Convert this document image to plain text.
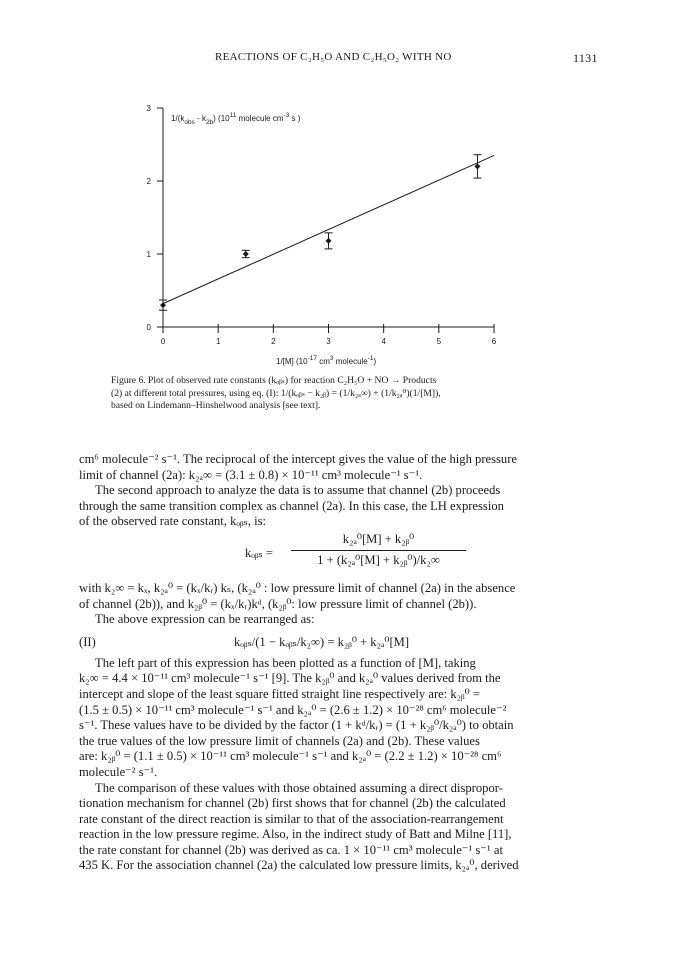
REACTIONS OF C₂H₅O AND C₂H₅O₂ WITH NO	1131
0	1	2	3	4	5	6
0
1
2
3
$1/(k_{obs} - k_{2b})$ ($10^{11}$ molecule $cm^{-3}$ s )
1/[M] ($10^{-17}$ $cm^3$ molecule$^{-1}$)

Figure 6. Plot of observed rate constants (kₒᵦₛ) for reaction C₂H₅O + NO → Products

(2) at different total pressures, using eq. (I): 1/(kₒᵦₛ − k₂ᵦ) = (1/k₂ₐ∞) + (1/k₂ₐ⁰)(1/[M]),

based on Lindemann–Hinshelwood analysis [see text].

cm⁶ molecule⁻² s⁻¹. The reciprocal of the intercept gives the value of the high pressure

limit of channel (2a): k₂ₐ∞ = (3.1 ± 0.8) × 10⁻¹¹ cm³ molecule⁻¹ s⁻¹.

The second approach to analyze the data is to assume that channel (2b) proceeds

through the same transition complex as channel (2a). In this case, the LH expression

of the observed rate constant, kₒᵦₛ, is:

kₒᵦₛ = $\frac{\text{k₂ₐ⁰[M] + k₂ᵦ⁰}}{\text{1 + (k₂ₐ⁰[M] + k₂ᵦ⁰)/k₂∞}}$

with k₂∞ = kₓ, k₂ₐ⁰ = (kₓ/kᵣ) kₛ, (k₂ₐ⁰ : low pressure limit of channel (2a) in the absence

of channel (2b)), and k₂ᵦ⁰ = (kₓ/kᵣ)kᵈ, (k₂ᵦ⁰: low pressure limit of channel (2b)).

The above expression can be rearranged as:

(II)	kₒᵦₛ/(1 − kₒᵦₛ/k₂∞) = k₂ᵦ⁰ + k₂ₐ⁰[M]

The left part of this expression has been plotted as a function of [M], taking

k₂∞ = 4.4 × 10⁻¹¹ cm³ molecule⁻¹ s⁻¹ [9]. The k₂ᵦ⁰ and k₂ₐ⁰ values derived from the

intercept and slope of the least square fitted straight line respectively are: k₂ᵦ⁰ =

(1.5 ± 0.5) × 10⁻¹¹ cm³ molecule⁻¹ s⁻¹ and k₂ₐ⁰ = (2.6 ± 1.2) × 10⁻²⁸ cm⁶ molecule⁻²

s⁻¹. These values have to be divided by the factor (1 + kᵈ/kᵣ) = (1 + k₂ᵦ⁰/k₂ₐ⁰) to obtain

the true values of the low pressure limit of channels (2a) and (2b). These values

are: k₂ᵦ⁰ = (1.1 ± 0.5) × 10⁻¹¹ cm³ molecule⁻¹ s⁻¹ and k₂ₐ⁰ = (2.2 ± 1.2) × 10⁻²⁸ cm⁶

molecule⁻² s⁻¹.

The comparison of these values with those obtained assuming a direct dispropor-

tionation mechanism for channel (2b) first shows that for channel (2b) the calculated

rate constant of the direct reaction is similar to that of the association-rearrangement

reaction in the low pressure regime. Also, in the indirect study of Batt and Milne [11],

the rate constant for channel (2b) was derived as ca. 1 × 10⁻¹¹ cm³ molecule⁻¹ s⁻¹ at

435 K. For the association channel (2a) the calculated low pressure limits, k₂ₐ⁰, derived
